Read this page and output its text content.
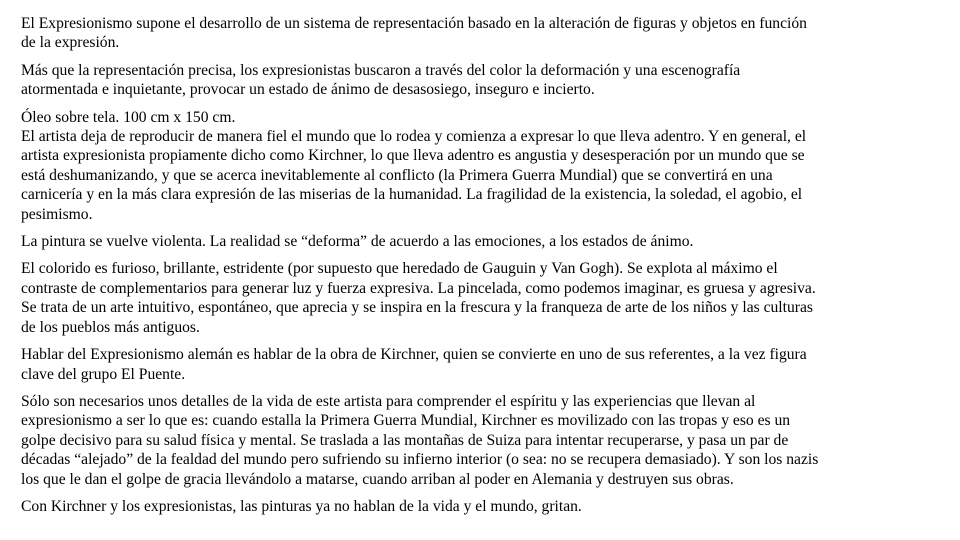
El Expresionismo supone el desarrollo de un sistema de representación basado en la alteración de figuras y objetos en función
de la expresión.

Más que la representación precisa, los expresionistas buscaron a través del color la deformación y una escenografía
atormentada e inquietante, provocar un estado de ánimo de desasosiego, inseguro e incierto.

Óleo sobre tela. 100 cm x 150 cm.
El artista deja de reproducir de manera fiel el mundo que lo rodea y comienza a expresar lo que lleva adentro. Y en general, el
artista expresionista propiamente dicho como Kirchner, lo que lleva adentro es angustia y desesperación por un mundo que se
está deshumanizando, y que se acerca inevitablemente al conflicto (la Primera Guerra Mundial) que se convertirá en una
carnicería y en la más clara expresión de las miserias de la humanidad. La fragilidad de la existencia, la soledad, el agobio, el
pesimismo.

La pintura se vuelve violenta. La realidad se “deforma” de acuerdo a las emociones, a los estados de ánimo.

El colorido es furioso, brillante, estridente (por supuesto que heredado de Gauguin y Van Gogh). Se explota al máximo el
contraste de complementarios para generar luz y fuerza expresiva. La pincelada, como podemos imaginar, es gruesa y agresiva.
Se trata de un arte intuitivo, espontáneo, que aprecia y se inspira en la frescura y la franqueza de arte de los niños y las culturas
de los pueblos más antiguos.

Hablar del Expresionismo alemán es hablar de la obra de Kirchner, quien se convierte en uno de sus referentes, a la vez figura
clave del grupo El Puente.

Sólo son necesarios unos detalles de la vida de este artista para comprender el espíritu y las experiencias que llevan al
expresionismo a ser lo que es: cuando estalla la Primera Guerra Mundial, Kirchner es movilizado con las tropas y eso es un
golpe decisivo para su salud física y mental. Se traslada a las montañas de Suiza para intentar recuperarse, y pasa un par de
décadas “alejado” de la fealdad del mundo pero sufriendo su infierno interior (o sea: no se recupera demasiado). Y son los nazis
los que le dan el golpe de gracia llevándolo a matarse, cuando arriban al poder en Alemania y destruyen sus obras.

Con Kirchner y los expresionistas, las pinturas ya no hablan de la vida y el mundo, gritan.
